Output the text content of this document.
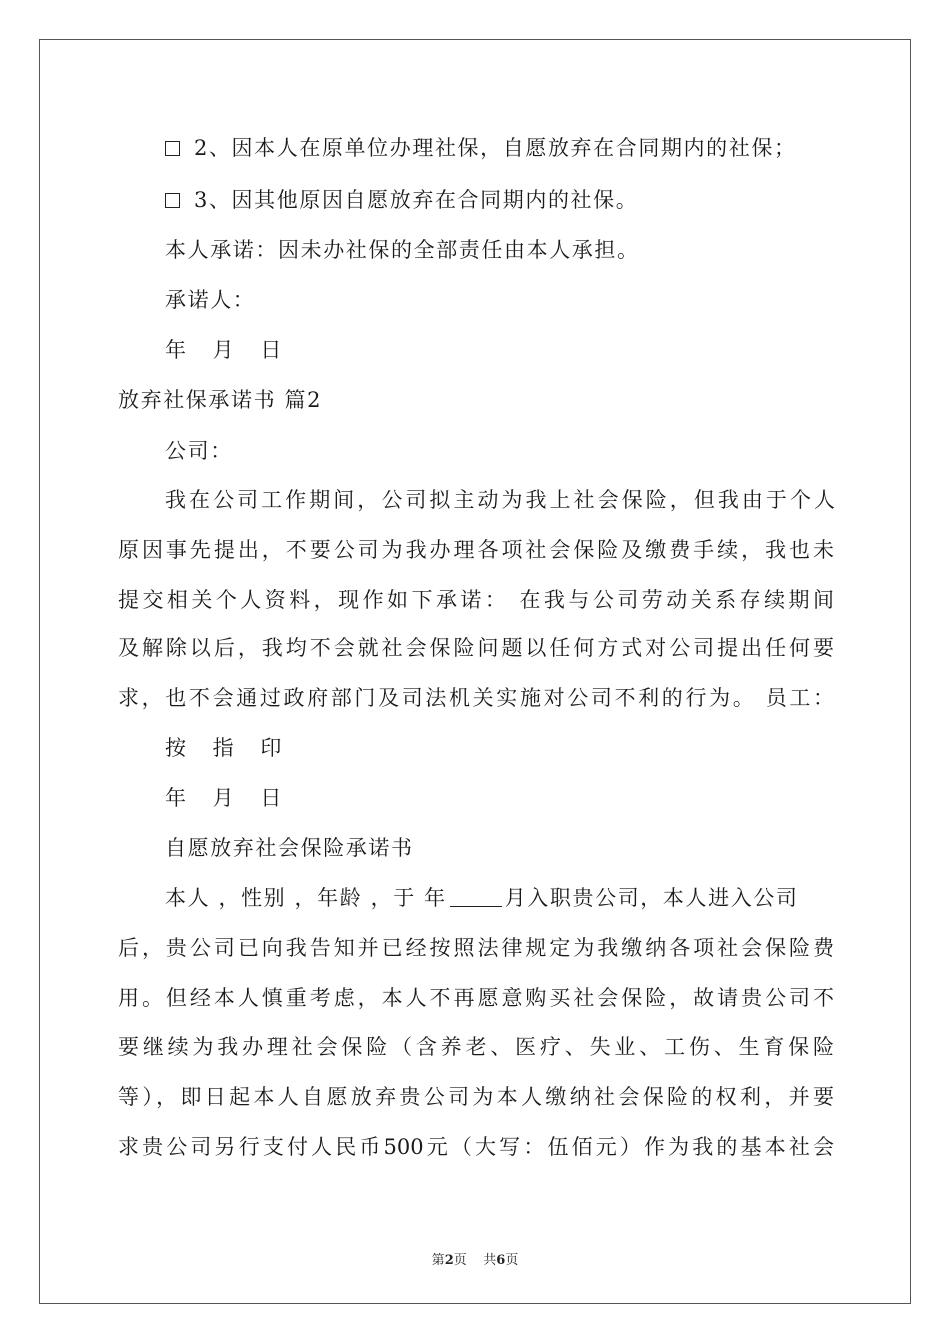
2、因本人在原单位办理社保，自愿放弃在合同期内的社保；
3、因其他原因自愿放弃在合同期内的社保。
本人承诺：因未办社保的全部责任由本人承担。
承诺人：
年 月 日
放弃社保承诺书 篇2
公司：
我在公司工作期间，公司拟主动为我上社会保险，但我由于个人
原因事先提出，不要公司为我办理各项社会保险及缴费手续，我也未
提交相关个人资料，现作如下承诺： 在我与公司劳动关系存续期间
及解除以后，我均不会就社会保险问题以任何方式对公司提出任何要
求，也不会通过政府部门及司法机关实施对公司不利的行为。 员工：
按 指 印
年 月 日
自愿放弃社会保险承诺书
本人 ，性别 ，年龄 ，于 年	月入职贵公司，本人进入公司
后，贵公司已向我告知并已经按照法律规定为我缴纳各项社会保险费
用。但经本人慎重考虑，本人不再愿意购买社会保险，故请贵公司不
要继续为我办理社会保险（含养老、医疗、失业、工伤、生育保险
等），即日起本人自愿放弃贵公司为本人缴纳社会保险的权利，并要
求贵公司另行支付人民币500元（大写：伍佰元）作为我的基本社会
第2页    共6页
